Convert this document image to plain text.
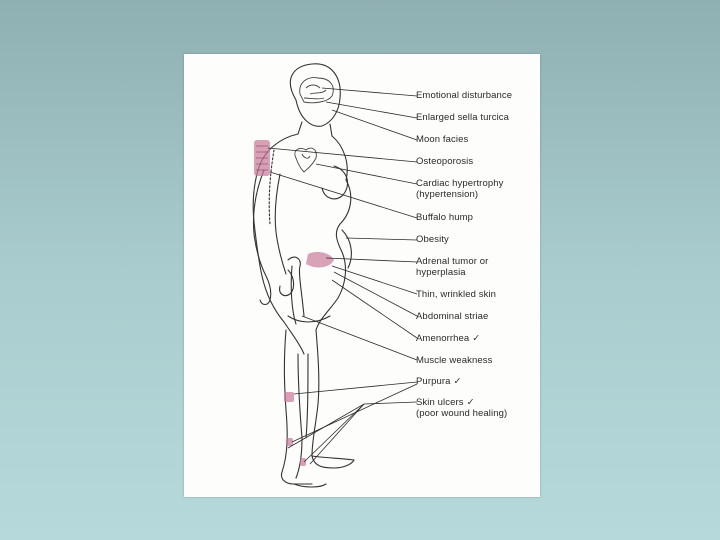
Emotional disturbance
Enlarged sella turcica
Moon facies
Osteoporosis
Cardiac hypertrophy
(hypertension)
Buffalo hump
Obesity
Adrenal tumor or
hyperplasia
Thin, wrinkled skin
Abdominal striae
Amenorrhea ✓
Muscle weakness
Purpura ✓
Skin ulcers ✓
(poor wound healing)
